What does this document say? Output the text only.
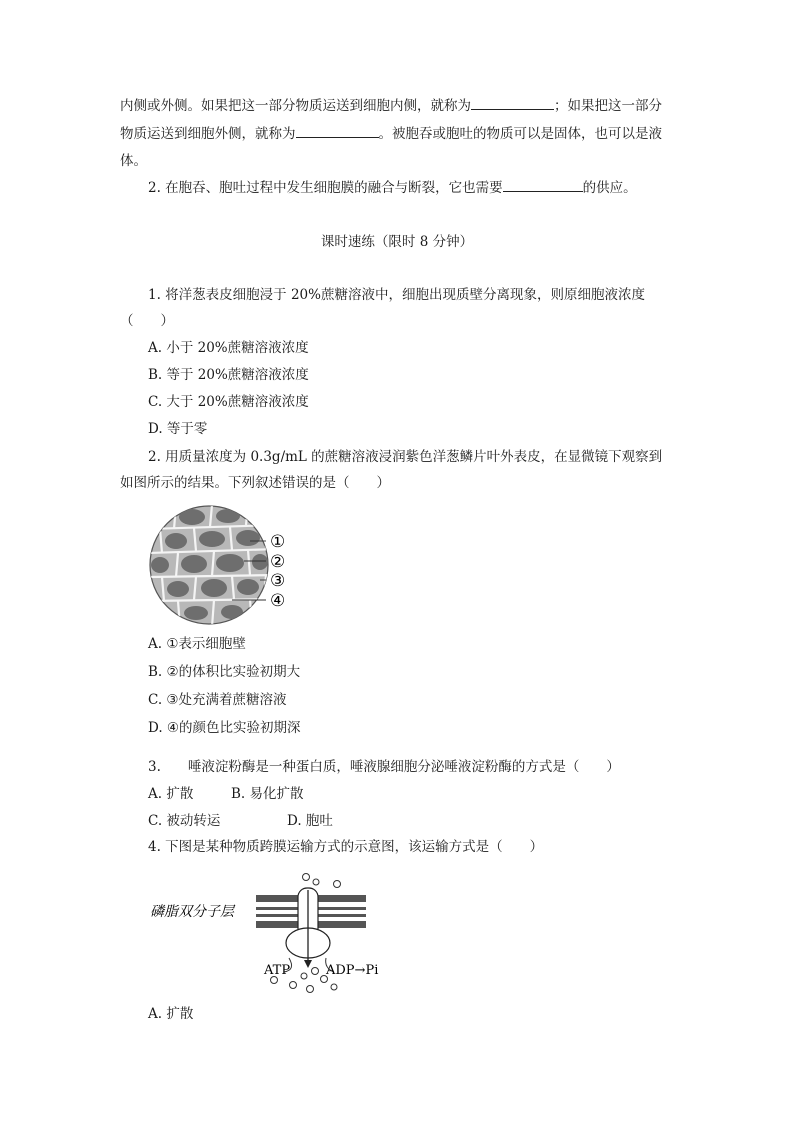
内侧或外侧。如果把这一部分物质运送到细胞内侧，就称为	；如果把这一部分
物质运送到细胞外侧，就称为	。被胞吞或胞吐的物质可以是固体，也可以是液
体。
2. 在胞吞、胞吐过程中发生细胞膜的融合与断裂，它也需要	的供应。
课时速练（限时 8 分钟）
1. 将洋葱表皮细胞浸于 20%蔗糖溶液中，细胞出现质壁分离现象，则原细胞液浓度
（　　）
A. 小于 20%蔗糖溶液浓度
B. 等于 20%蔗糖溶液浓度
C. 大于 20%蔗糖溶液浓度
D. 等于零
2. 用质量浓度为 0.3g/mL 的蔗糖溶液浸润紫色洋葱鳞片叶外表皮，在显微镜下观察到
如图所示的结果。下列叙述错误的是（　　）
①
②
③
④
A. ①表示细胞壁
B. ②的体积比实验初期大
C. ③处充满着蔗糖溶液
D. ④的颜色比实验初期深
3.　　唾液淀粉酶是一种蛋白质，唾液腺细胞分泌唾液淀粉酶的方式是（　　）
A. 扩散	B. 易化扩散
C. 被动转运	D. 胞吐
4. 下图是某种物质跨膜运输方式的示意图，该运输方式是（　　）
磷脂双分子层
ATP	ADP→Pi
A. 扩散
